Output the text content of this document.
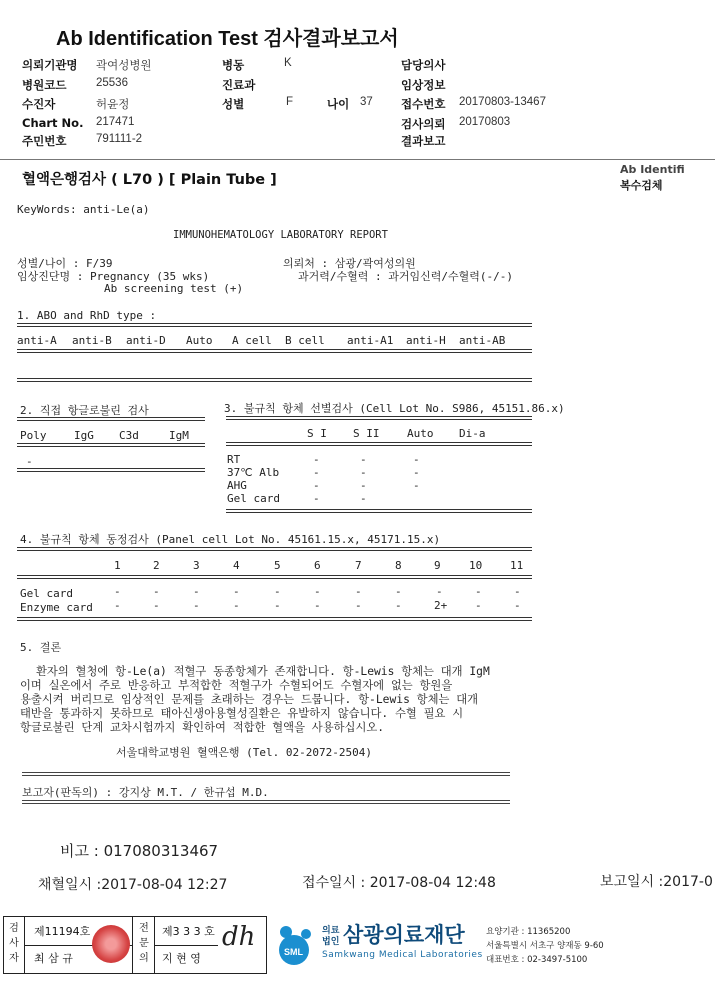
Ab Identification Test 검사결과보고서
의뢰기관명 곽여성병원	병동	K	담당의사
병원코드	25536	진료과	임상정보
수진자	허윤정	성별	F	나이 37 접수번호 20170803-13467
Chart No. 217471	검사의뢰 20170803
주민번호	791111-2	결과보고
혈액은행검사 ( L70 ) [ Plain Tube ]
Ab Identifi
복수검체
KeyWords: anti-Le(a)
IMMUNOHEMATOLOGY LABORATORY REPORT
성별/나이 : F/39	의뢰처 : 삼광/곽여성의원
임상진단명 : Pregnancy (35 wks)	과거력/수혈력 : 과거임신력/수혈력(-/-)
Ab screening test (+)
1. ABO and RhD type :
anti-A anti-B anti-D Auto A cell B cell anti-A1 anti-H anti-AB
2. 직접 항글로불린 검사
Poly	IgG C3d	IgM
-
3. 불규칙 항체 선별검사 (Cell Lot No. S986, 45151.86.x)
S I S II	Auto Di-a
RT	-	-	-
37℃ Alb	-	-	-
AHG	-	-	-
Gel card	-	-
4. 불규칙 항체 동정검사 (Panel cell Lot No. 45161.15.x, 45171.15.x)
1	2	3	4	5	6	7	8	9	10	11
Gel card	-	-	-	-	-	-	-	-	-	-	-
Enzyme card -	-	-	-	-	-	-	-	2+	-	-
5. 결론
환자의 혈청에 항-Le(a) 적혈구 동종항체가 존재합니다. 항-Lewis 항체는 대개 IgM
이며 실온에서 주로 반응하고 부적합한 적혈구가 수혈되어도 수혈자에 없는 항원을
용출시켜 버리므로 임상적인 문제를 초래하는 경우는 드뭅니다. 항-Lewis 항체는 대개
태반을 통과하지 못하므로 태아신생아용혈성질환은 유발하지 않습니다. 수혈 필요 시
항글로불린 단계 교차시험까지 확인하여 적합한 혈액을 사용하십시오.
서울대학교병원 혈액은행 (Tel. 02-2072-2504)
보고자(판독의) : 강지상 M.T. / 한규섭 M.D.
비고 : 017080313467
채혈일시 :2017-08-04 12:27	접수일시 : 2017-08-04 12:48	보고일시 :2017-0
검
사
자
제11194호
최 삼 규
전
문
의
제3 3 3 호
지 현 영
dh	SML
의료
법인 삼광의료재단
Samkwang Medical Laboratories
요양기관 : 11365200
서울특별시 서초구 양재동 9-60
대표번호 : 02-3497-5100
